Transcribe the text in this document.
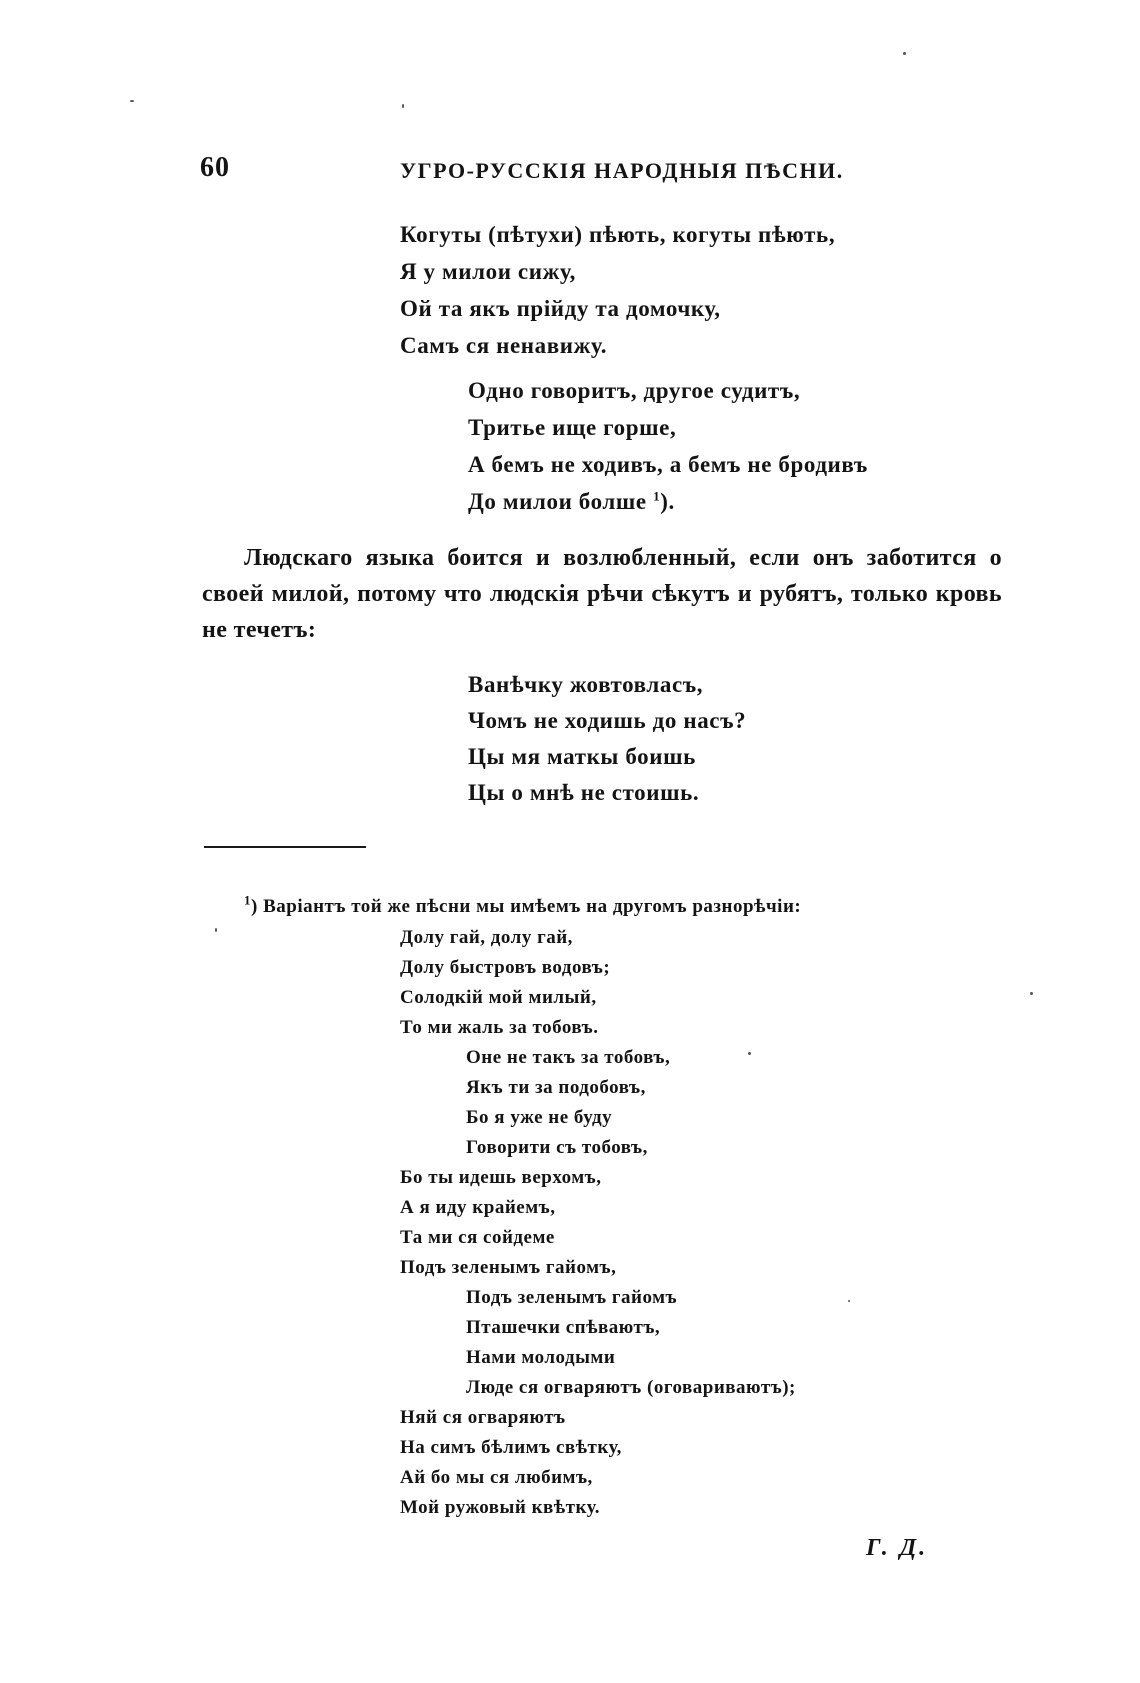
60	УГРО-РУССКІЯ НАРОДНЫЯ ПѢСНИ.
Когуты (пѣтухи) пѣють, когуты пѣють,
Я у милои сижу,
Ой та якъ прійду та домочку,
Самъ ся ненавижу.
Одно говоритъ, другое судитъ,
Тритье ище горше,
А бемъ не ходивъ, а бемъ не бродивъ
До милои болше $^1$).
Людскаго языка боится и возлюбленный, если онъ заботится о своей милой, потому что людскія рѣчи сѣкутъ и рубятъ, только кровь не течетъ:
Ванѣчку жовтовласъ,
Чомъ не ходишь до насъ?
Цы мя маткы боишь
Цы о мнѣ не стоишь.
$^1$) Варіантъ той же пѣсни мы имѣемъ на другомъ разнорѣчіи:
Долу гай, долу гай,
Долу быстровъ водовъ;
Солодкій мой милый,
То ми жаль за тобовъ.
Оне не такъ за тобовъ,
Якъ ти за подобовъ,
Бо я уже не буду
Говорити съ тобовъ,
Бо ты идешь верхомъ,
А я иду крайемъ,
Та ми ся сойдеме
Подъ зеленымъ гайомъ,
Подъ зеленымъ гайомъ
Пташечки спѣваютъ,
Нами молодыми
Люде ся огваряютъ (оговариваютъ);
Няй ся огваряютъ
На симъ бѣлимъ свѣтку,
Ай бо мы ся любимъ,
Мой ружовый квѣтку.
Г. Д.
